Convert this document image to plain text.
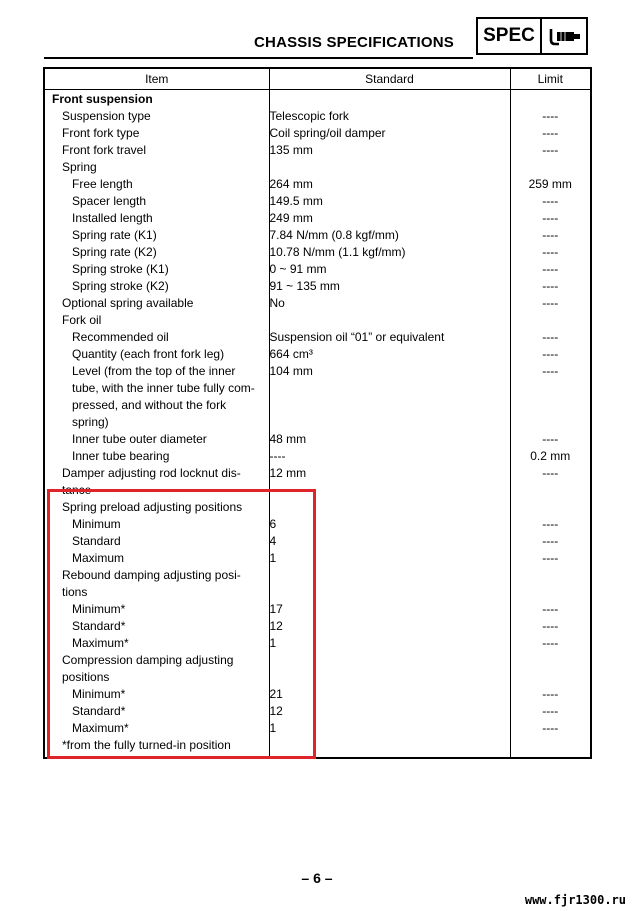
CHASSIS SPECIFICATIONS SPEC
Item	Standard	Limit
Front suspension		
Suspension type	Telescopic fork	----
Front fork type	Coil spring/oil damper	----
Front fork travel	135 mm	----
Spring		
Free length	264 mm	259 mm
Spacer length	149.5 mm	----
Installed length	249 mm	----
Spring rate (K1)	7.84 N/mm (0.8 kgf/mm)	----
Spring rate (K2)	10.78 N/mm (1.1 kgf/mm)	----
Spring stroke (K1)	0 ~ 91 mm	----
Spring stroke (K2)	91 ~ 135 mm	----
Optional spring available	No	----
Fork oil		
Recommended oil	Suspension oil “01” or equivalent	----
Quantity (each front fork leg)	664 cm³	----
Level (from the top of the inner
tube, with the inner tube fully com-
pressed, and without the fork
spring)	104 mm	----
Inner tube outer diameter	48 mm	----
Inner tube bearing	----	0.2 mm
Damper adjusting rod locknut dis-
tance	12 mm	----
Spring preload adjusting positions		
Minimum	6	----
Standard	4	----
Maximum	1	----
Rebound damping adjusting posi-
tions		
Minimum*	17	----
Standard*	12	----
Maximum*	1	----
Compression damping adjusting
positions		
Minimum*	21	----
Standard*	12	----
Maximum*	1	----
*from the fully turned-in position		
– 6 –
www.fjr1300.ru
